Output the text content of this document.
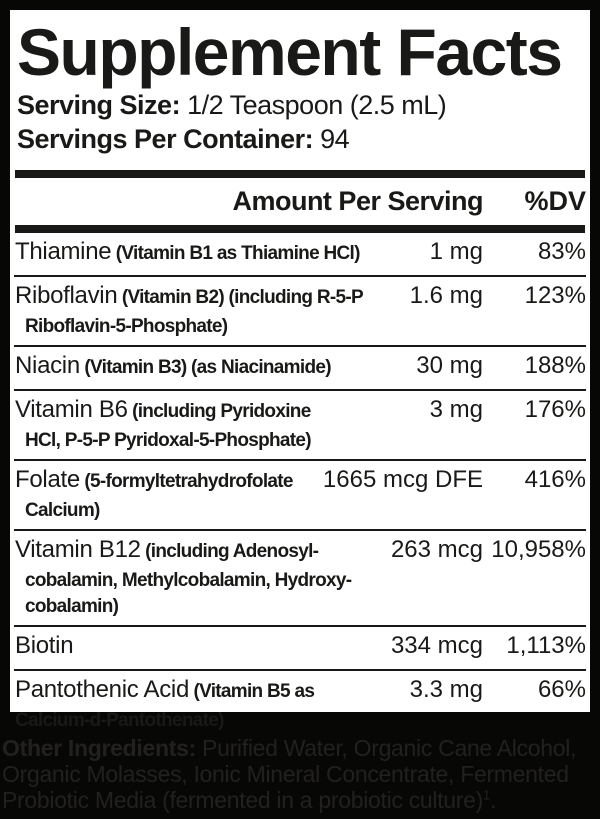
Supplement Facts
Serving Size: 1/2 Teaspoon (2.5 mL)
Servings Per Container: 94
Amount Per Serving	%DV
Thiamine (Vitamin B1 as Thiamine HCl)	1 mg	83%
Riboflavin (Vitamin B2) (including R-5-P
Riboflavin-5-Phosphate)
1.6 mg	123%
Niacin (Vitamin B3) (as Niacinamide)	30 mg	188%
Vitamin B6 (including Pyridoxine
HCl, P-5-P Pyridoxal-5-Phosphate)
3 mg	176%
Folate (5-formyltetrahydrofolate
Calcium)
1665 mcg DFE	416%
Vitamin B12 (including Adenosyl-
cobalamin, Methylcobalamin, Hydroxy-
cobalamin)
263 mcg 10,958%
Biotin	334 mcg 1,113%
Pantothenic Acid (Vitamin B5 as
Calcium-d-Pantothenate)
3.3 mg	66%
Other Ingredients: Purified Water, Organic Cane Alcohol,
Organic Molasses, Ionic Mineral Concentrate, Fermented
Probiotic Media (fermented in a probiotic culture)$^1$.
